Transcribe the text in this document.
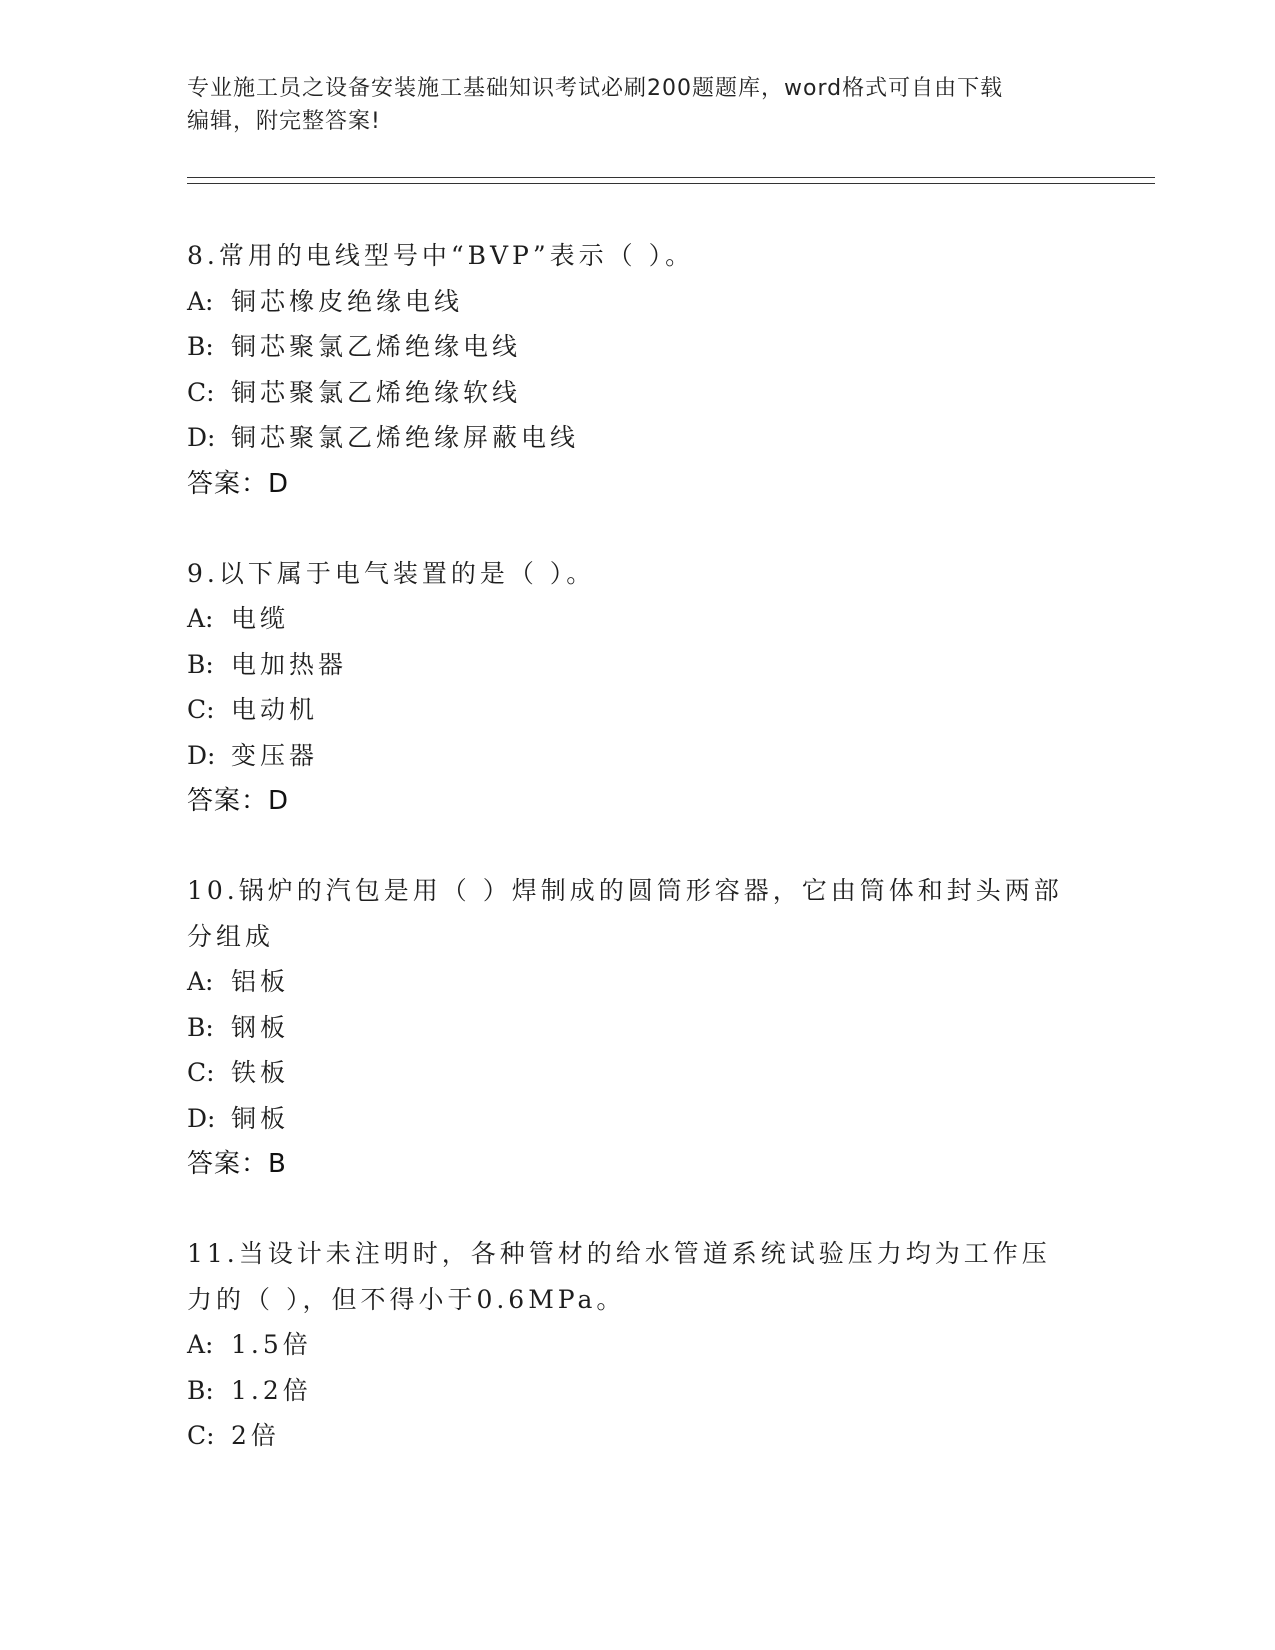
专业施工员之设备安装施工基础知识考试必刷200题题库，word格式可自由下载
编辑，附完整答案!
8.常用的电线型号中“BVP”表示（ ）。
A: 铜芯橡皮绝缘电线
B: 铜芯聚氯乙烯绝缘电线
C: 铜芯聚氯乙烯绝缘软线
D: 铜芯聚氯乙烯绝缘屏蔽电线
答案：D
9.以下属于电气装置的是（ ）。
A: 电缆
B: 电加热器
C: 电动机
D: 变压器
答案：D
10.锅炉的汽包是用（ ）焊制成的圆筒形容器，它由筒体和封头两部分组成
A: 铝板
B: 钢板
C: 铁板
D: 铜板
答案：B
11.当设计未注明时，各种管材的给水管道系统试验压力均为工作压力的（ ），但不得小于0.6MPa。
A: 1.5倍
B: 1.2倍
C: 2倍
